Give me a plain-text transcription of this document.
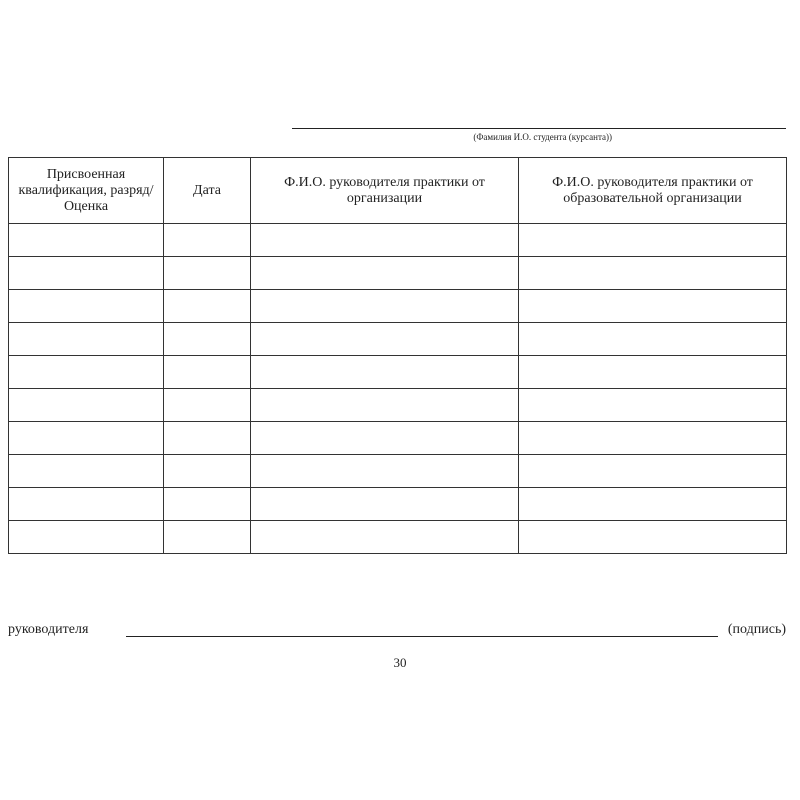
(Фамилия И.О. студента (курсанта))
Присвоенная квалификация, разряд/Оценка	Дата	Ф.И.О. руководителя практики от организации	Ф.И.О. руководителя практики от образовательной организации

руководителя	(подпись)
30
